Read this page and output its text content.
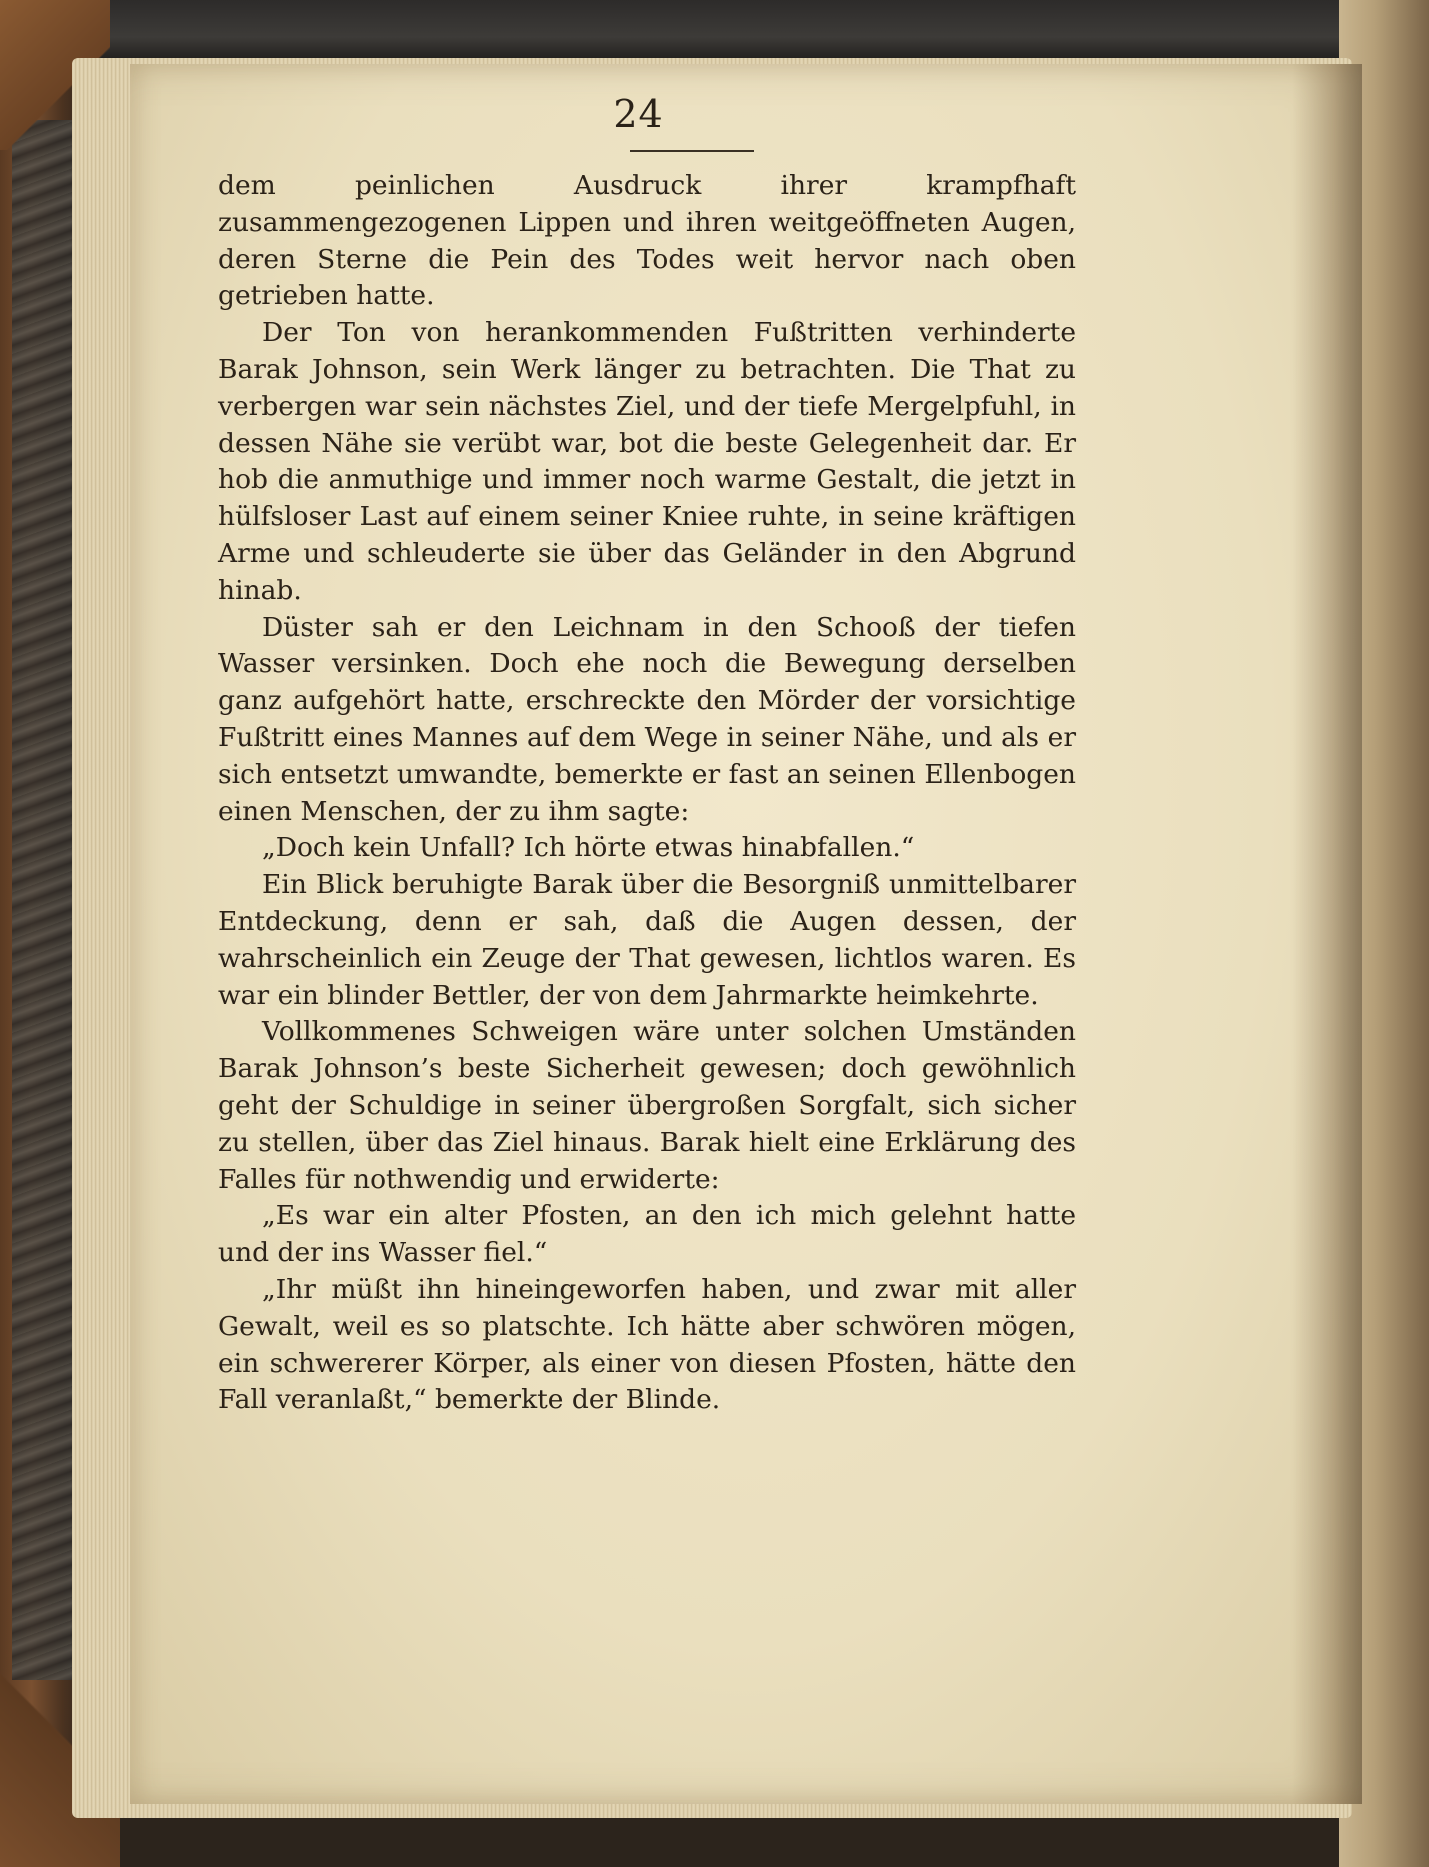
24

dem peinlichen Ausdruck ihrer krampfhaft zusammengezogenen Lippen und ihren weitgeöffneten Augen, deren Sterne die Pein des Todes weit hervor nach oben getrieben hatte.

Der Ton von herankommenden Fußtritten verhinderte Barak Johnson, sein Werk länger zu betrachten. Die That zu verbergen war sein nächstes Ziel, und der tiefe Mergelpfuhl, in dessen Nähe sie verübt war, bot die beste Gelegenheit dar. Er hob die anmuthige und immer noch warme Gestalt, die jetzt in hülfsloser Last auf einem seiner Kniee ruhte, in seine kräftigen Arme und schleuderte sie über das Geländer in den Abgrund hinab.

Düster sah er den Leichnam in den Schooß der tiefen Wasser versinken. Doch ehe noch die Bewegung derselben ganz aufgehört hatte, erschreckte den Mörder der vorsichtige Fußtritt eines Mannes auf dem Wege in seiner Nähe, und als er sich entsetzt umwandte, bemerkte er fast an seinen Ellenbogen einen Menschen, der zu ihm sagte:

„Doch kein Unfall? Ich hörte etwas hinabfallen.“

Ein Blick beruhigte Barak über die Besorgniß unmittelbarer Entdeckung, denn er sah, daß die Augen dessen, der wahrscheinlich ein Zeuge der That gewesen, lichtlos waren. Es war ein blinder Bettler, der von dem Jahrmarkte heimkehrte.

Vollkommenes Schweigen wäre unter solchen Umständen Barak Johnson’s beste Sicherheit gewesen; doch gewöhnlich geht der Schuldige in seiner übergroßen Sorgfalt, sich sicher zu stellen, über das Ziel hinaus. Barak hielt eine Erklärung des Falles für nothwendig und erwiderte:

„Es war ein alter Pfosten, an den ich mich gelehnt hatte und der ins Wasser fiel.“

„Ihr müßt ihn hineingeworfen haben, und zwar mit aller Gewalt, weil es so platschte. Ich hätte aber schwören mögen, ein schwererer Körper, als einer von diesen Pfosten, hätte den Fall veranlaßt,“ bemerkte der Blinde.
